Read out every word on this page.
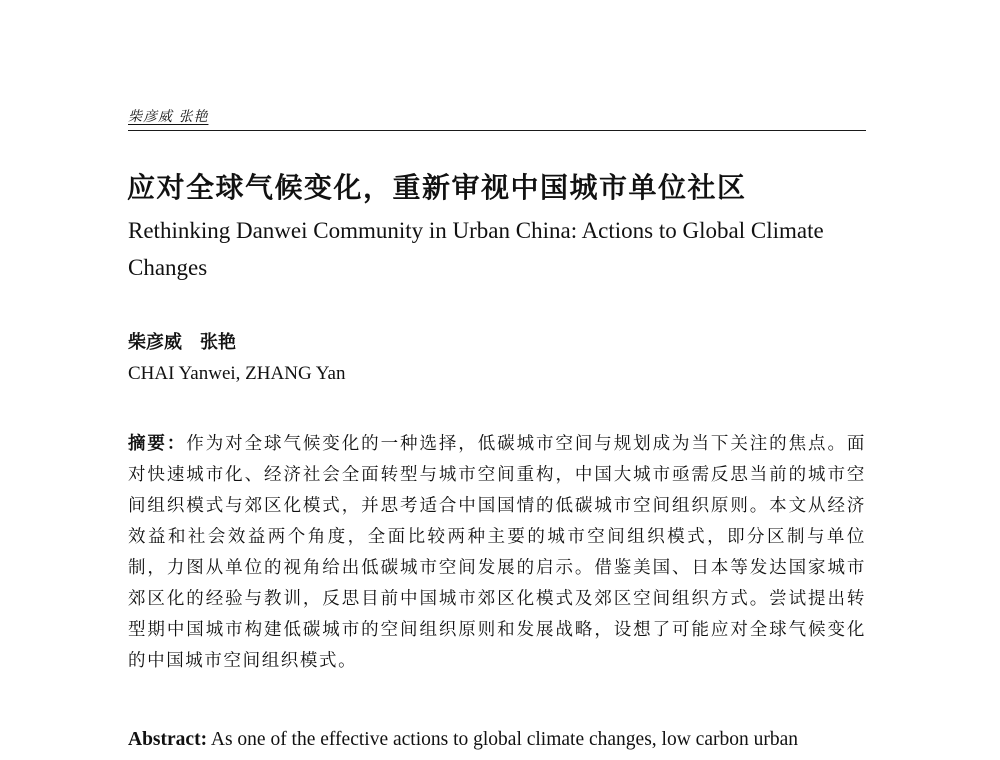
柴彦威 张艳
应对全球气候变化，重新审视中国城市单位社区
Rethinking Danwei Community in Urban China: Actions to Global Climate Changes
柴彦威　张艳
CHAI Yanwei, ZHANG Yan
摘要：作为对全球气候变化的一种选择，低碳城市空间与规划成为当下关注的焦点。面对快速城市化、经济社会全面转型与城市空间重构，中国大城市亟需反思当前的城市空间组织模式与郊区化模式，并思考适合中国国情的低碳城市空间组织原则。本文从经济效益和社会效益两个角度，全面比较两种主要的城市空间组织模式，即分区制与单位制，力图从单位的视角给出低碳城市空间发展的启示。借鉴美国、日本等发达国家城市郊区化的经验与教训，反思目前中国城市郊区化模式及郊区空间组织方式。尝试提出转型期中国城市构建低碳城市的空间组织原则和发展战略，设想了可能应对全球气候变化的中国城市空间组织模式。
Abstract: As one of the effective actions to global climate changes, low carbon urban
